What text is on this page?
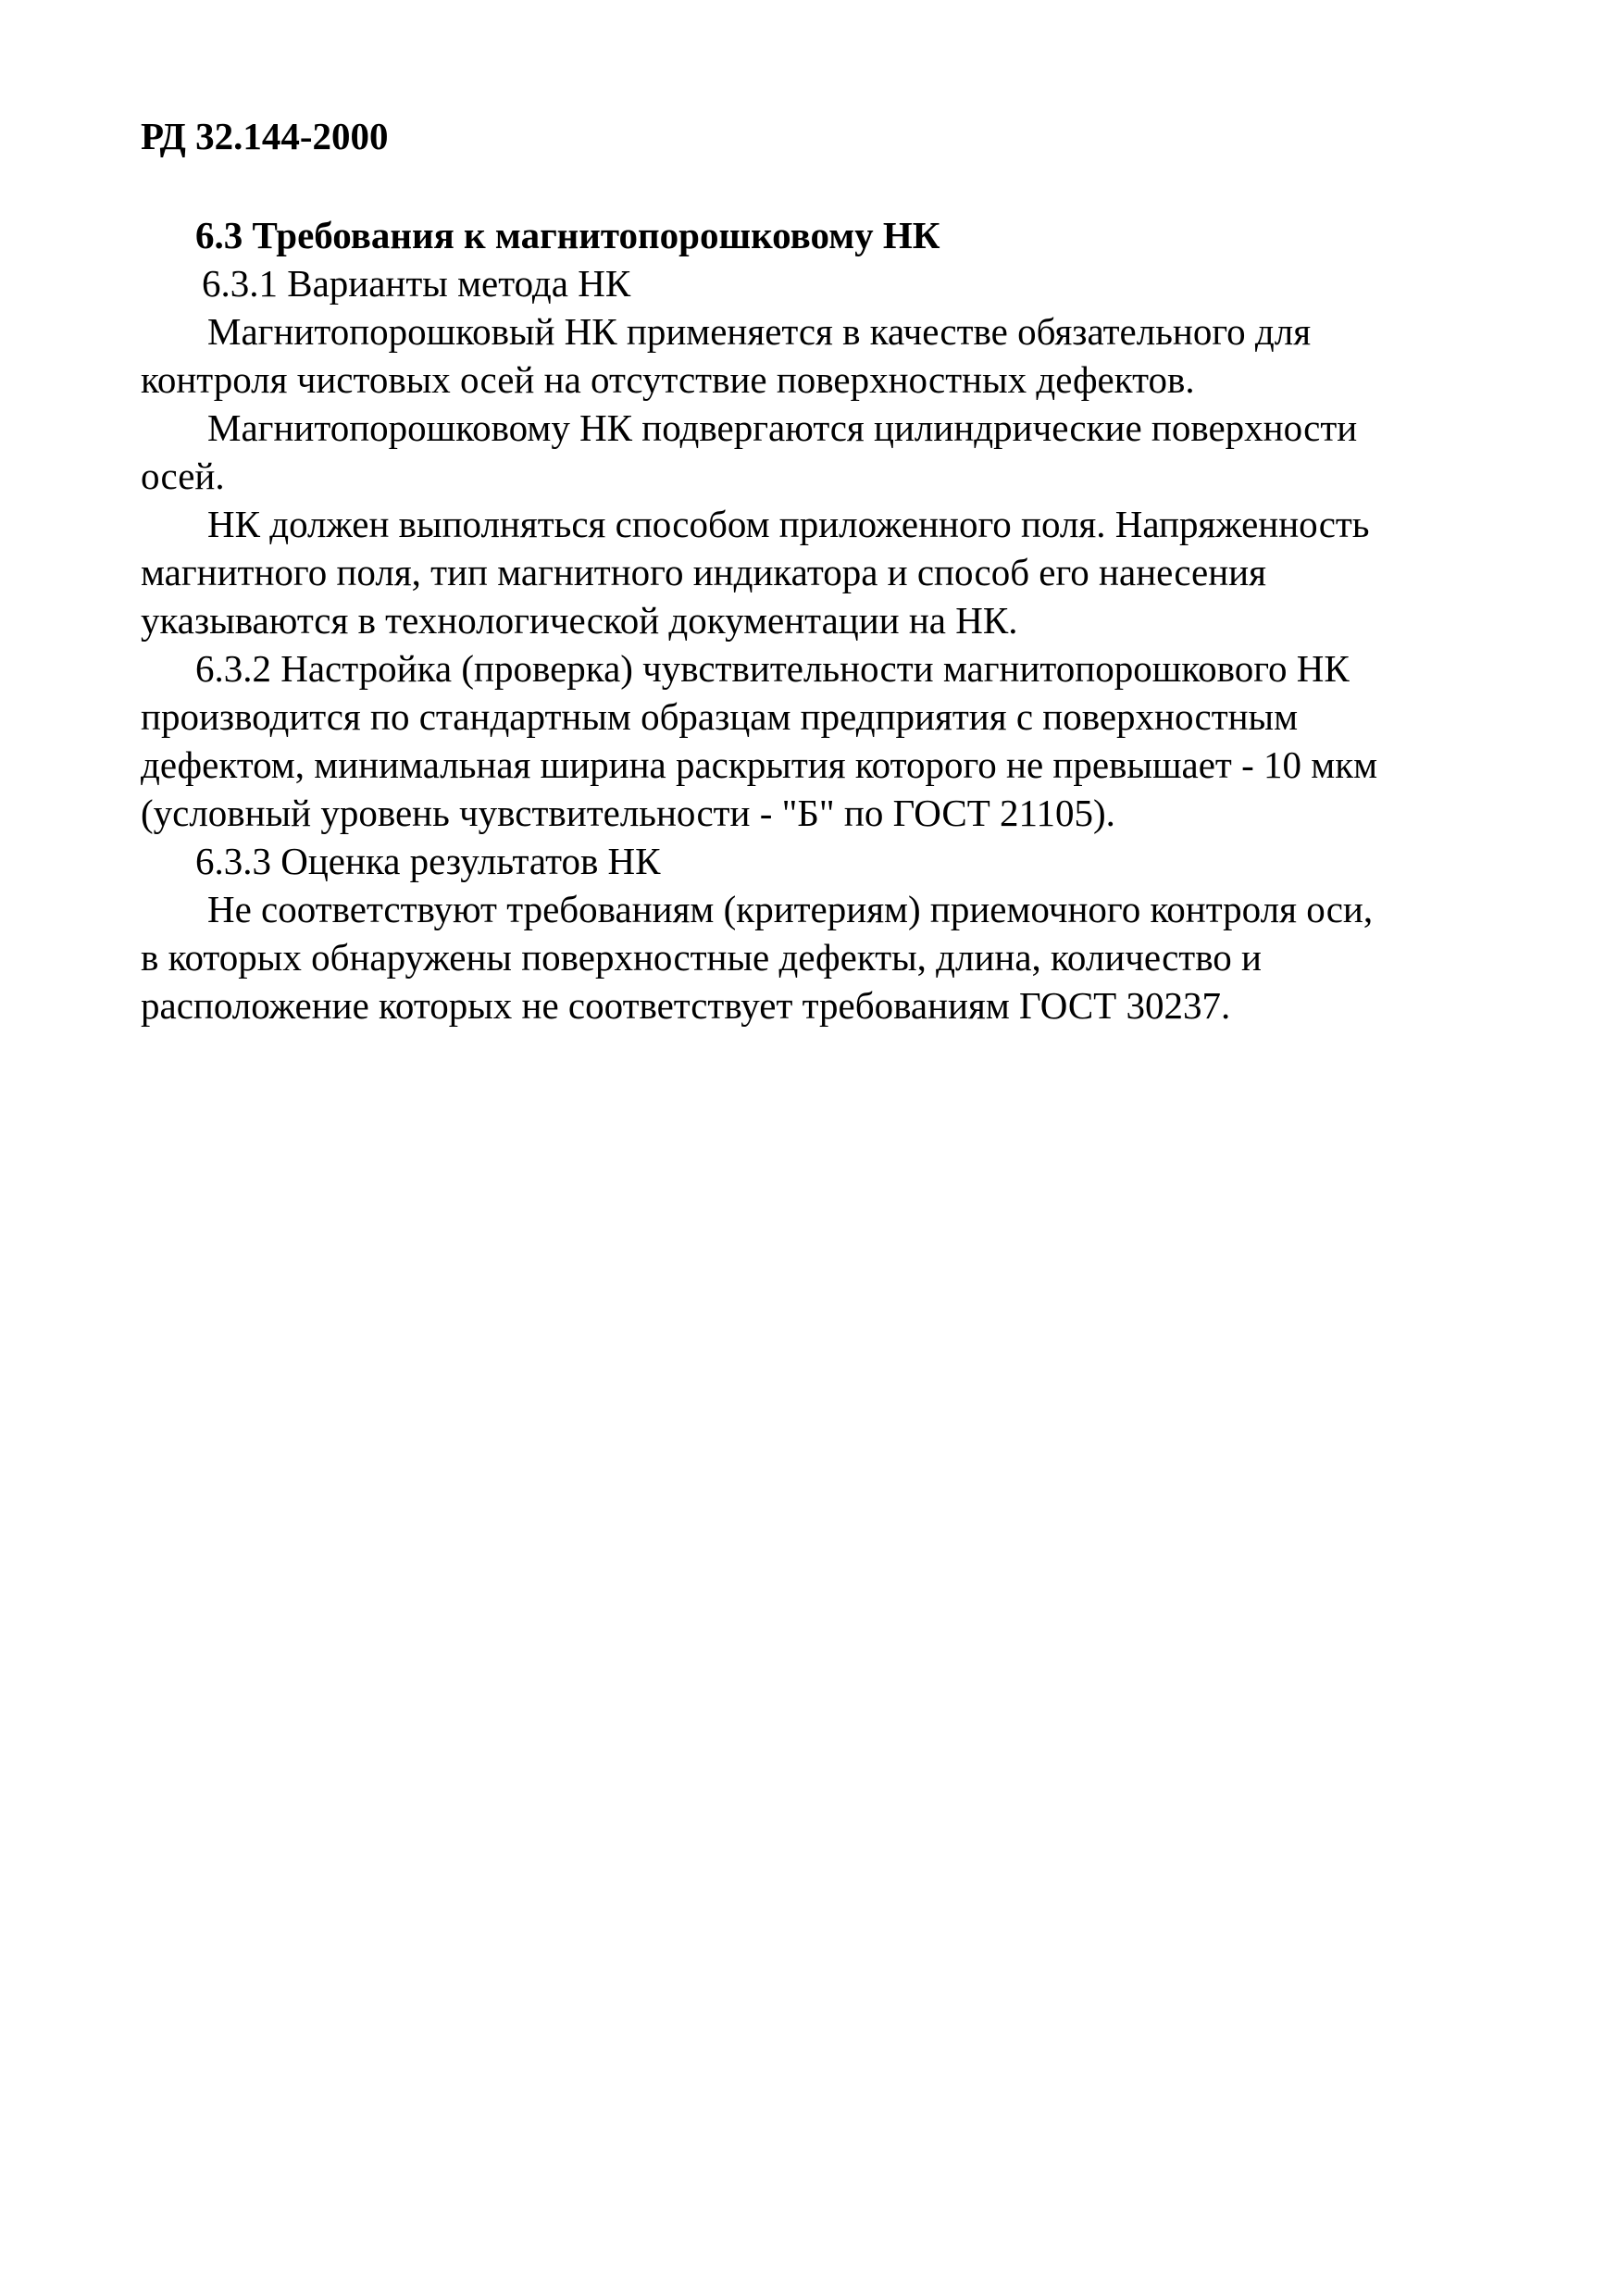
РД 32.144-2000
6.3 Требования к магнитопорошковому НК
6.3.1 Варианты метода НК
Магнитопорошковый НК применяется в качестве обязательного для
контроля чистовых осей на отсутствие поверхностных дефектов.
Магнитопорошковому НК подвергаются цилиндрические поверхности
осей.
НК должен выполняться способом приложенного поля. Напряженность
магнитного поля, тип магнитного индикатора и способ его нанесения
указываются в технологической документации на НК.
6.3.2 Настройка (проверка) чувствительности магнитопорошкового НК
производится по стандартным образцам предприятия с поверхностным
дефектом, минимальная ширина раскрытия которого не превышает - 10 мкм
(условный уровень чувствительности - "Б" по ГОСТ 21105).
6.3.3 Оценка результатов НК
Не соответствуют требованиям (критериям) приемочного контроля оси,
в которых обнаружены поверхностные дефекты, длина, количество и
расположение которых не соответствует требованиям ГОСТ 30237.
